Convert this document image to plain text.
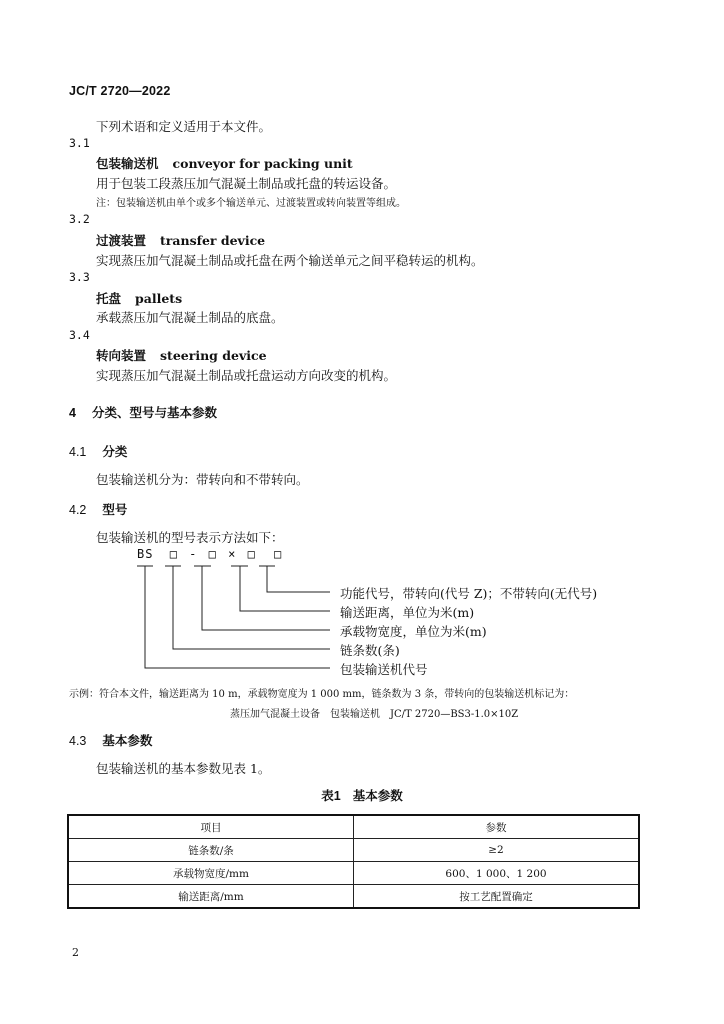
JC/T 2720—2022
下列术语和定义适用于本文件。
3.1
包装输送机 conveyor for packing unit
用于包装工段蒸压加气混凝土制品或托盘的转运设备。
注：包装输送机由单个或多个输送单元、过渡装置或转向装置等组成。
3.2
过渡装置 transfer device
实现蒸压加气混凝土制品或托盘在两个输送单元之间平稳转运的机构。
3.3
托盘 pallets
承载蒸压加气混凝土制品的底盘。
3.4
转向装置 steering device
实现蒸压加气混凝土制品或托盘运动方向改变的机构。
4 分类、型号与基本参数
4.1 分类
包装输送机分为：带转向和不带转向。
4.2 型号
包装输送机的型号表示方法如下：
BS □ - □ × □ □
功能代号，带转向(代号 Z)；不带转向(无代号)
输送距离，单位为米(m)
承载物宽度，单位为米(m)
链条数(条)
包装输送机代号
示例：符合本文件，输送距离为 10 m，承载物宽度为 1 000 mm，链条数为 3 条，带转向的包装输送机标记为：
蒸压加气混凝土设备　包装输送机　JC/T 2720—BS3-1.0×10Z
4.3 基本参数
包装输送机的基本参数见表 1。
表1 基本参数
项目	参数
链条数/条	≥2
承载物宽度/mm	600、1 000、1 200
输送距离/mm	按工艺配置确定
2
